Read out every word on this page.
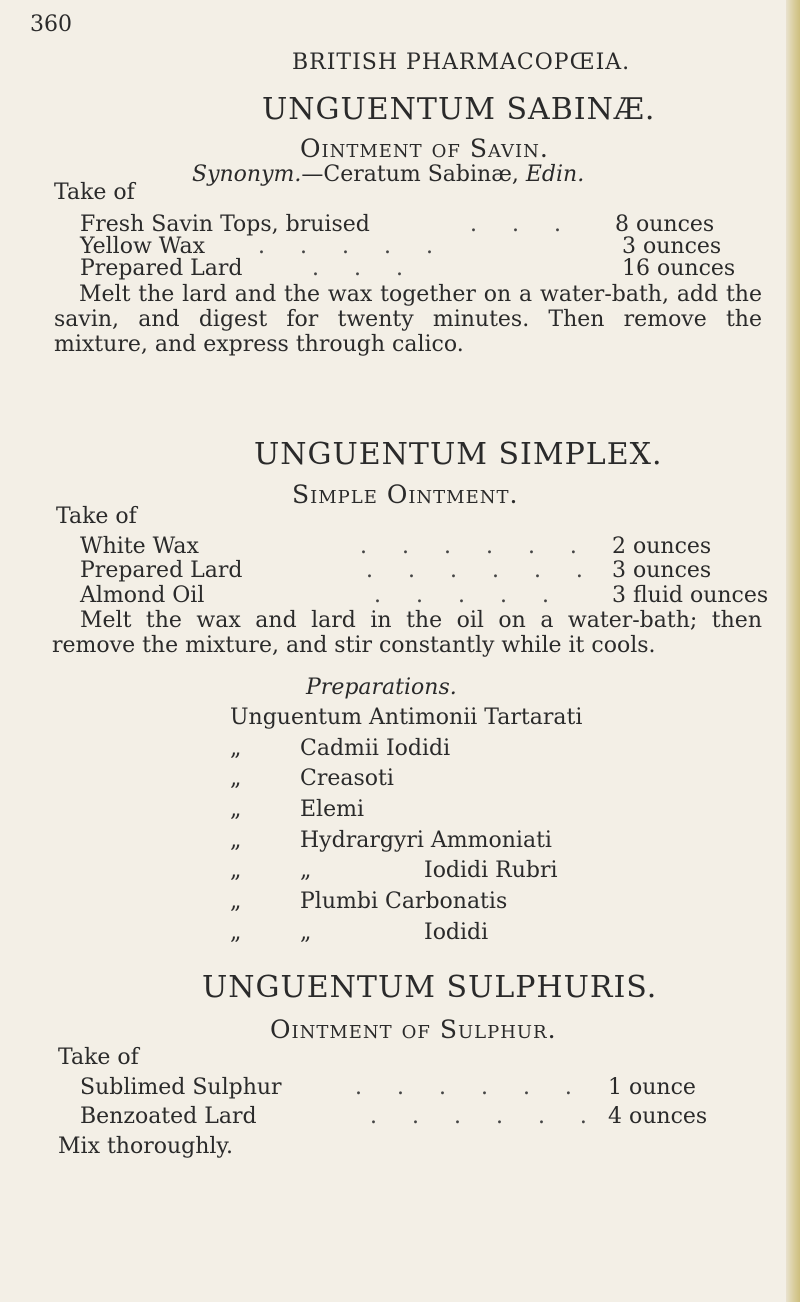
360
BRITISH PHARMACOPŒIA.
UNGUENTUM SABINÆ.
Ointment of Savin.
Synonym.—Ceratum Sabinæ, Edin.
Take of
Fresh Savin Tops, bruised	. . . 8 ounces
Yellow Wax . . . . .	3 ounces
Prepared Lard	. . .	16 ounces
Melt the lard and the wax together on a water-bath, add the savin, and digest for twenty minutes. Then remove the mixture, and express through calico.
UNGUENTUM SIMPLEX.
Simple Ointment.
Take of
White Wax	. . . . . . 2 ounces
Prepared Lard	. . . . . . 3 ounces
Almond Oil	. . . . . 3 fluid ounces
Melt the wax and lard in the oil on a water-bath; then remove the mixture, and stir constantly while it cools.
Preparations.
Unguentum Antimonii Tartarati
„	Cadmii Iodidi
„	Creasoti
„	Elemi
„	Hydrargyri Ammoniati
„	„	Iodidi Rubri
„	Plumbi Carbonatis
„	„	Iodidi
UNGUENTUM SULPHURIS.
Ointment of Sulphur.
Take of
Sublimed Sulphur	. . . . . . 1 ounce
Benzoated Lard	. . . . . . 4 ounces
Mix thoroughly.
